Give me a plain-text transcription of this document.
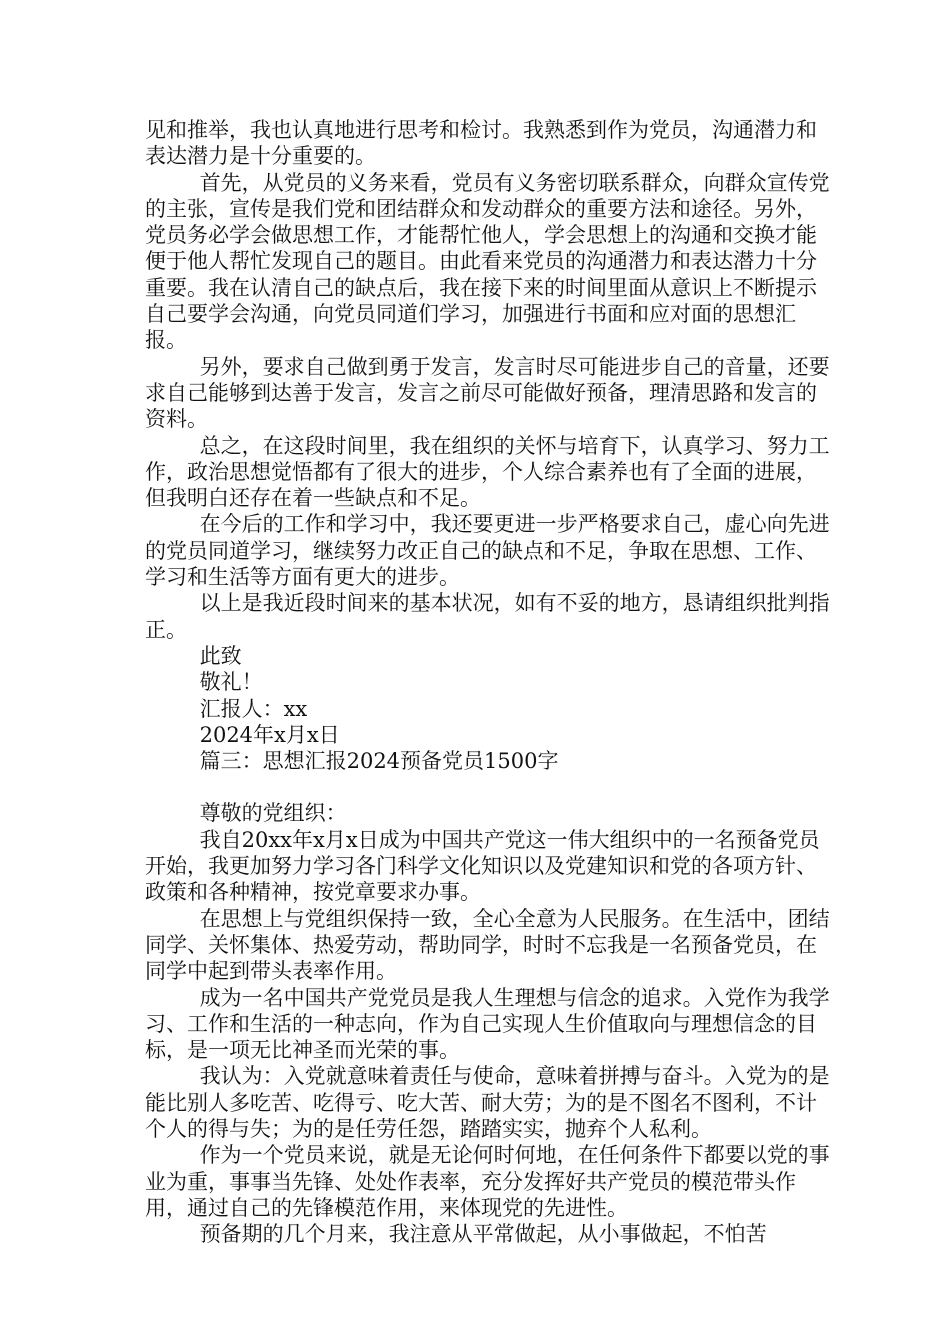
见和推举，我也认真地进行思考和检讨。我熟悉到作为党员，沟通潜力和表达潜力是十分重要的。

首先，从党员的义务来看，党员有义务密切联系群众，向群众宣传党的主张，宣传是我们党和团结群众和发动群众的重要方法和途径。另外，党员务必学会做思想工作，才能帮忙他人，学会思想上的沟通和交换才能便于他人帮忙发现自己的题目。由此看来党员的沟通潜力和表达潜力十分重要。我在认清自己的缺点后，我在接下来的时间里面从意识上不断提示自己要学会沟通，向党员同道们学习，加强进行书面和应对面的思想汇报。

另外，要求自己做到勇于发言，发言时尽可能进步自己的音量，还要求自己能够到达善于发言，发言之前尽可能做好预备，理清思路和发言的资料。

总之，在这段时间里，我在组织的关怀与培育下，认真学习、努力工作，政治思想觉悟都有了很大的进步，个人综合素养也有了全面的进展，但我明白还存在着一些缺点和不足。

在今后的工作和学习中，我还要更进一步严格要求自己，虚心向先进的党员同道学习，继续努力改正自己的缺点和不足，争取在思想、工作、学习和生活等方面有更大的进步。

以上是我近段时间来的基本状况，如有不妥的地方，恳请组织批判指正。

此致

敬礼！

汇报人：xx

2024年x月x日

篇三：思想汇报2024预备党员1500字

尊敬的党组织：

我自20xx年x月x日成为中国共产党这一伟大组织中的一名预备党员开始，我更加努力学习各门科学文化知识以及党建知识和党的各项方针、政策和各种精神，按党章要求办事。

在思想上与党组织保持一致，全心全意为人民服务。在生活中，团结同学、关怀集体、热爱劳动，帮助同学，时时不忘我是一名预备党员，在同学中起到带头表率作用。

成为一名中国共产党党员是我人生理想与信念的追求。入党作为我学习、工作和生活的一种志向，作为自己实现人生价值取向与理想信念的目标，是一项无比神圣而光荣的事。

我认为：入党就意味着责任与使命，意味着拼搏与奋斗。入党为的是能比别人多吃苦、吃得亏、吃大苦、耐大劳；为的是不图名不图利，不计个人的得与失；为的是任劳任怨，踏踏实实，抛弃个人私利。

作为一个党员来说，就是无论何时何地，在任何条件下都要以党的事业为重，事事当先锋、处处作表率，充分发挥好共产党员的模范带头作用，通过自己的先锋模范作用，来体现党的先进性。

预备期的几个月来，我注意从平常做起，从小事做起，不怕苦
